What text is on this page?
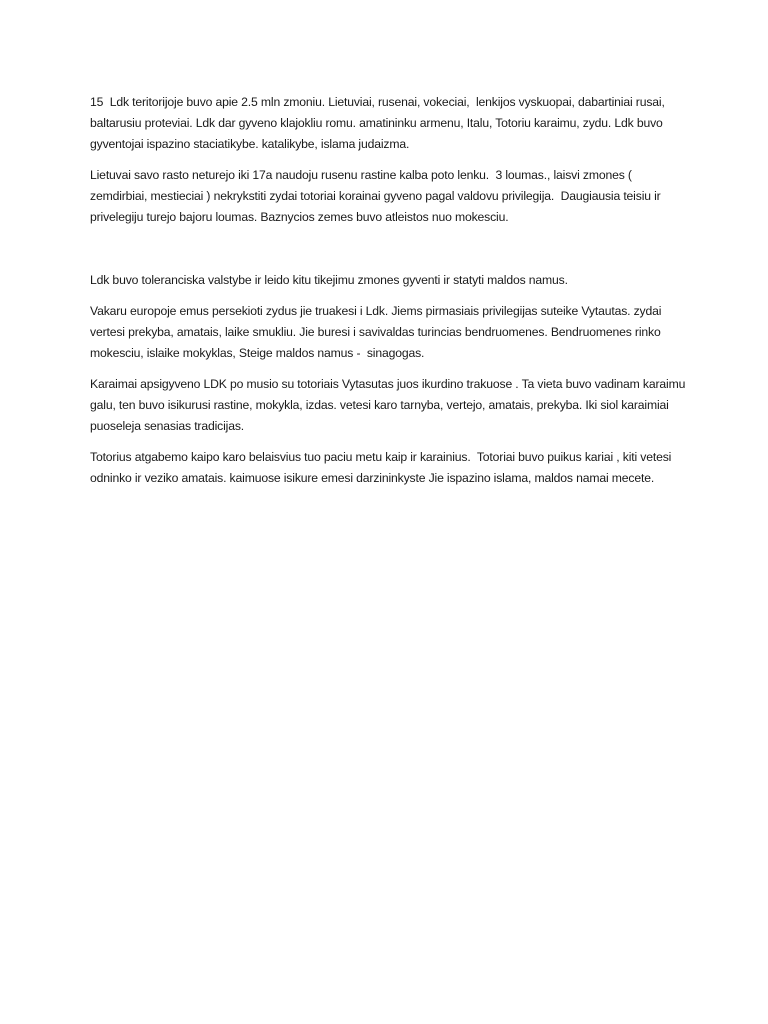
15  Ldk teritorijoje buvo apie 2.5 mln zmoniu. Lietuviai, rusenai, vokeciai,  lenkijos vyskuopai, dabartiniai rusai, baltarusiu proteviai. Ldk dar gyveno klajokliu romu. amatininku armenu, Italu, Totoriu karaimu, zydu. Ldk buvo gyventojai ispazino staciatikybe. katalikybe, islama judaizma.

Lietuvai savo rasto neturejo iki 17a naudoju rusenu rastine kalba poto lenku.  3 loumas., laisvi zmones ( zemdirbiai, mestieciai ) nekrykstiti zydai totoriai korainai gyveno pagal valdovu privilegija.  Daugiausia teisiu ir privelegiju turejo bajoru loumas. Baznycios zemes buvo atleistos nuo mokesciu.

Ldk buvo toleranciska valstybe ir leido kitu tikejimu zmones gyventi ir statyti maldos namus.

Vakaru europoje emus persekioti zydus jie truakesi i Ldk. Jiems pirmasiais privilegijas suteike Vytautas. zydai vertesi prekyba, amatais, laike smukliu. Jie buresi i savivaldas turincias bendruomenes. Bendruomenes rinko mokesciu, islaike mokyklas, Steige maldos namus -  sinagogas.

Karaimai apsigyveno LDK po musio su totoriais Vytasutas juos ikurdino trakuose . Ta vieta buvo vadinam karaimu galu, ten buvo isikurusi rastine, mokykla, izdas. vetesi karo tarnyba, vertejo, amatais, prekyba. Iki siol karaimiai puoseleja senasias tradicijas.

Totorius atgabemo kaipo karo belaisvius tuo paciu metu kaip ir karainius.  Totoriai buvo puikus kariai , kiti vetesi odninko ir veziko amatais. kaimuose isikure emesi darzininkyste Jie ispazino islama, maldos namai mecete.
